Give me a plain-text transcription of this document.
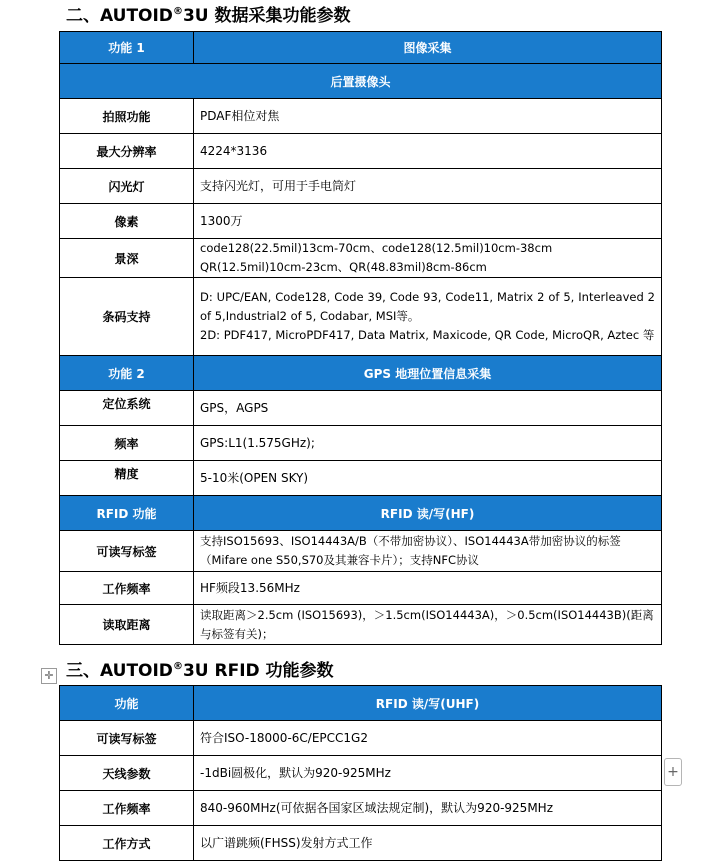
二、AUTOID®3U 数据采集功能参数
功能 1	图像采集
后置摄像头	
拍照功能	PDAF相位对焦
最大分辨率	4224*3136
闪光灯	支持闪光灯，可用于手电筒灯
像素	1300万
景深	code128(22.5mil)13cm-70cm、code128(12.5mil)10cm-38cm
QR(12.5mil)10cm-23cm、QR(48.83mil)8cm-86cm
条码支持	D: UPC/EAN, Code128, Code 39, Code 93, Code11, Matrix 2 of 5, Interleaved 2 of 5,Industrial2 of 5, Codabar, MSI等。
2D: PDF417, MicroPDF417, Data Matrix, Maxicode, QR Code, MicroQR, Aztec 等
功能 2	GPS 地理位置信息采集
定位系统	GPS，AGPS
频率	GPS:L1(1.575GHz);
精度	5-10米(OPEN SKY)
RFID 功能	RFID 读/写(HF)
可读写标签	支持ISO15693、ISO14443A/B（不带加密协议）、ISO14443A带加密协议的标签（Mifare one S50,S70及其兼容卡片）；支持NFC协议
工作频率	HF频段13.56MHz
读取距离	读取距离＞2.5cm (ISO15693)，＞1.5cm(ISO14443A)，＞0.5cm(ISO14443B)(距离与标签有关)；
✛ 三、AUTOID®3U RFID 功能参数
功能	RFID 读/写(UHF)
可读写标签	符合ISO-18000-6C/EPCC1G2
天线参数	-1dBi圆极化，默认为920-925MHz
工作频率	840-960MHz(可依据各国家区域法规定制)，默认为920-925MHz
工作方式	以广谱跳频(FHSS)发射方式工作
+
